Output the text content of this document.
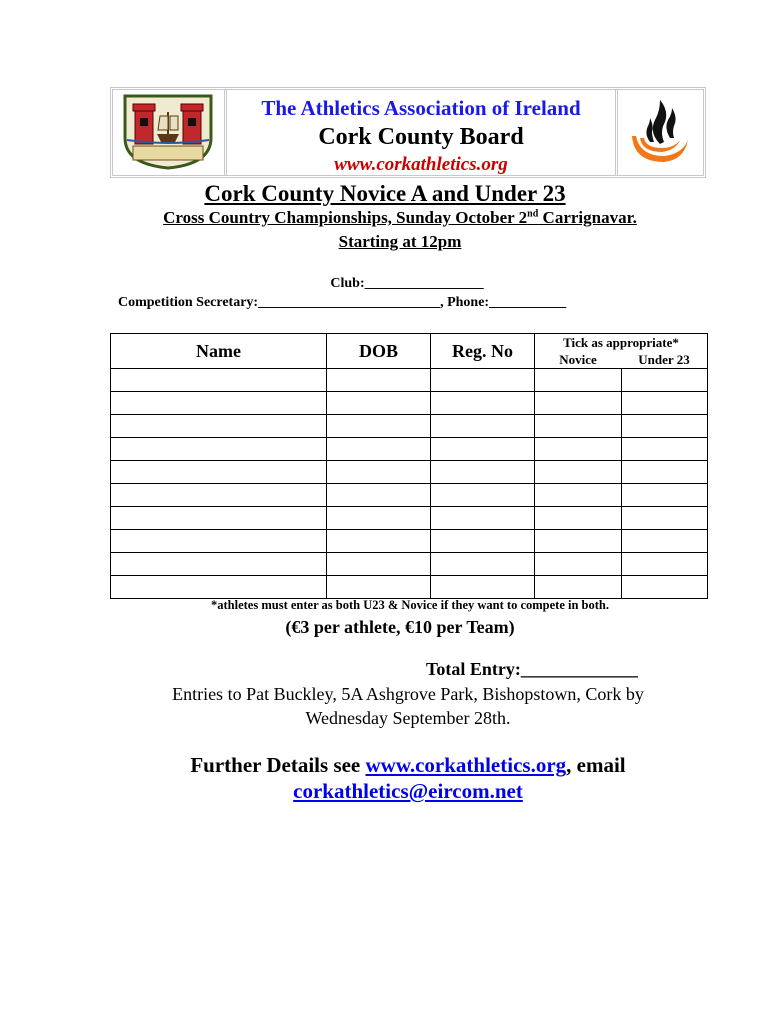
The Athletics Association of Ireland
Cork County Board
www.corkathletics.org
Cork County Novice A and Under 23
Cross Country Championships, Sunday October 2nd Carrignavar.
Starting at 12pm
Club:_________________
Competition Secretary:__________________________, Phone:___________
Name	DOB	Reg. No	Tick as appropriate*
Novice Under 23	

*athletes must enter as both U23 & Novice if they want to compete in both.
(€3 per athlete, €10 per Team)
Total Entry:_____________
Entries to Pat Buckley, 5A Ashgrove Park, Bishopstown, Cork by
Wednesday September 28th.
Further Details see www.corkathletics.org, email
corkathletics@eircom.net
